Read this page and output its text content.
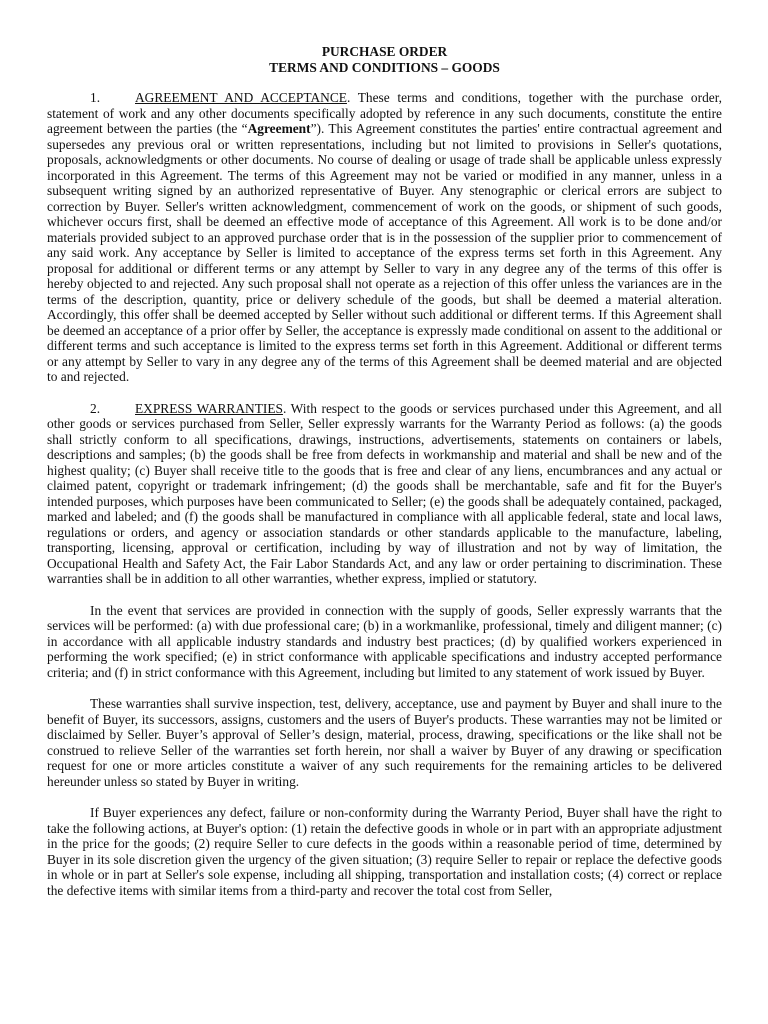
PURCHASE ORDER
TERMS AND CONDITIONS – GOODS

1.	AGREEMENT AND ACCEPTANCE. These terms and conditions, together with the purchase order, statement of work and any other documents specifically adopted by reference in any such documents, constitute the entire agreement between the parties (the “Agreement”). This Agreement constitutes the parties' entire contractual agreement and supersedes any previous oral or written representations, including but not limited to provisions in Seller's quotations, proposals, acknowledgments or other documents. No course of dealing or usage of trade shall be applicable unless expressly incorporated in this Agreement. The terms of this Agreement may not be varied or modified in any manner, unless in a subsequent writing signed by an authorized representative of Buyer. Any stenographic or clerical errors are subject to correction by Buyer. Seller's written acknowledgment, commencement of work on the goods, or shipment of such goods, whichever occurs first, shall be deemed an effective mode of acceptance of this Agreement. All work is to be done and/or materials provided subject to an approved purchase order that is in the possession of the supplier prior to commencement of any said work. Any acceptance by Seller is limited to acceptance of the express terms set forth in this Agreement. Any proposal for additional or different terms or any attempt by Seller to vary in any degree any of the terms of this offer is hereby objected to and rejected. Any such proposal shall not operate as a rejection of this offer unless the variances are in the terms of the description, quantity, price or delivery schedule of the goods, but shall be deemed a material alteration. Accordingly, this offer shall be deemed accepted by Seller without such additional or different terms. If this Agreement shall be deemed an acceptance of a prior offer by Seller, the acceptance is expressly made conditional on assent to the additional or different terms and such acceptance is limited to the express terms set forth in this Agreement. Additional or different terms or any attempt by Seller to vary in any degree any of the terms of this Agreement shall be deemed material and are objected to and rejected.

2.	EXPRESS WARRANTIES. With respect to the goods or services purchased under this Agreement, and all other goods or services purchased from Seller, Seller expressly warrants for the Warranty Period as follows: (a) the goods shall strictly conform to all specifications, drawings, instructions, advertisements, statements on containers or labels, descriptions and samples; (b) the goods shall be free from defects in workmanship and material and shall be new and of the highest quality; (c) Buyer shall receive title to the goods that is free and clear of any liens, encumbrances and any actual or claimed patent, copyright or trademark infringement; (d) the goods shall be merchantable, safe and fit for the Buyer's intended purposes, which purposes have been communicated to Seller; (e) the goods shall be adequately contained, packaged, marked and labeled; and (f) the goods shall be manufactured in compliance with all applicable federal, state and local laws, regulations or orders, and agency or association standards or other standards applicable to the manufacture, labeling, transporting, licensing, approval or certification, including by way of illustration and not by way of limitation, the Occupational Health and Safety Act, the Fair Labor Standards Act, and any law or order pertaining to discrimination. These warranties shall be in addition to all other warranties, whether express, implied or statutory.

In the event that services are provided in connection with the supply of goods, Seller expressly warrants that the services will be performed: (a) with due professional care; (b) in a workmanlike, professional, timely and diligent manner; (c) in accordance with all applicable industry standards and industry best practices; (d) by qualified workers experienced in performing the work specified; (e) in strict conformance with applicable specifications and industry accepted performance criteria; and (f) in strict conformance with this Agreement, including but limited to any statement of work issued by Buyer.

These warranties shall survive inspection, test, delivery, acceptance, use and payment by Buyer and shall inure to the benefit of Buyer, its successors, assigns, customers and the users of Buyer's products. These warranties may not be limited or disclaimed by Seller. Buyer’s approval of Seller’s design, material, process, drawing, specifications or the like shall not be construed to relieve Seller of the warranties set forth herein, nor shall a waiver by Buyer of any drawing or specification request for one or more articles constitute a waiver of any such requirements for the remaining articles to be delivered hereunder unless so stated by Buyer in writing.

If Buyer experiences any defect, failure or non-conformity during the Warranty Period, Buyer shall have the right to take the following actions, at Buyer's option: (1) retain the defective goods in whole or in part with an appropriate adjustment in the price for the goods; (2) require Seller to cure defects in the goods within a reasonable period of time, determined by Buyer in its sole discretion given the urgency of the given situation; (3) require Seller to repair or replace the defective goods in whole or in part at Seller's sole expense, including all shipping, transportation and installation costs; (4) correct or replace the defective items with similar items from a third-party and recover the total cost from Seller,
